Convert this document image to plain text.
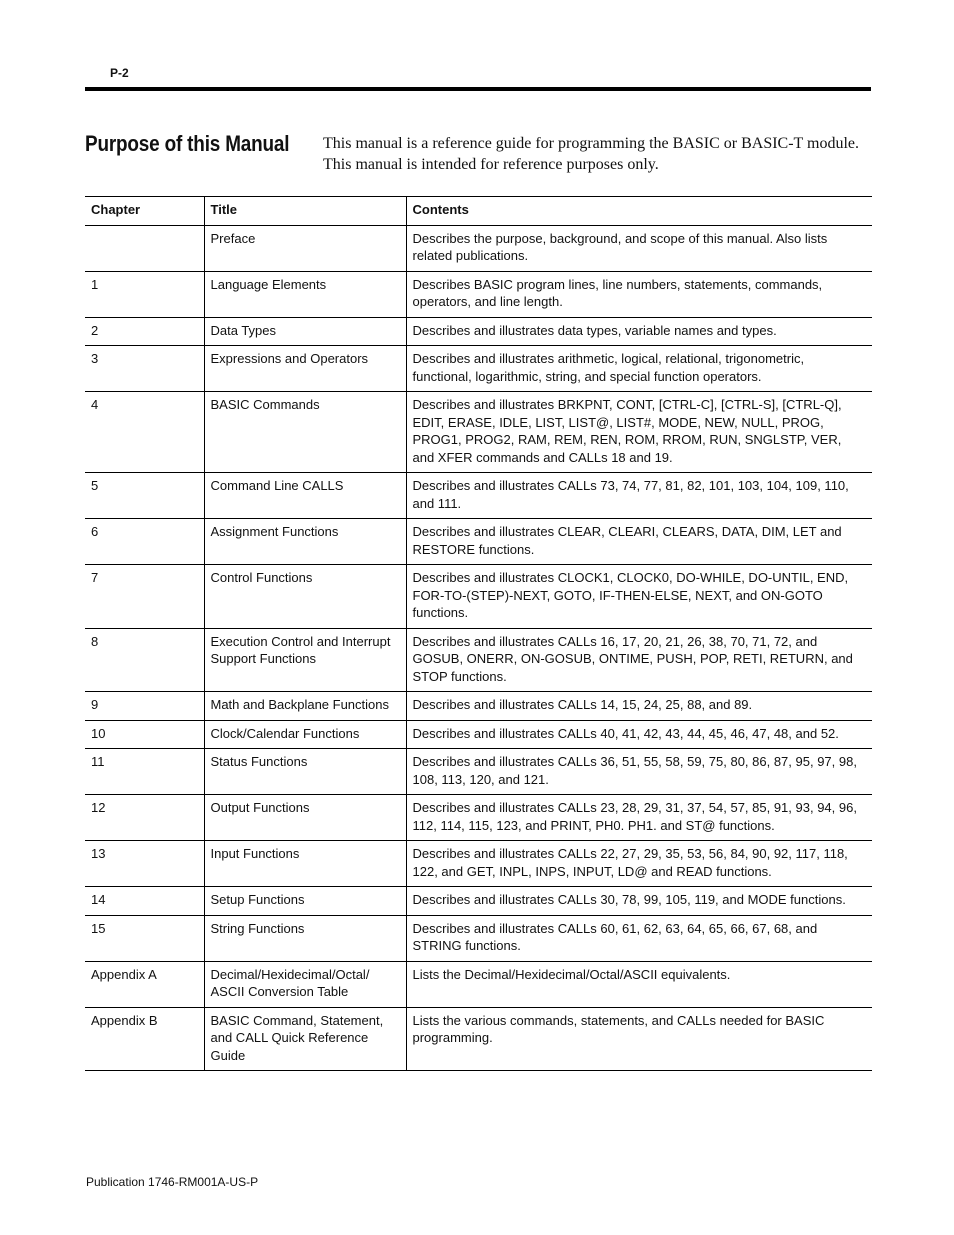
P-2
Purpose of this Manual This manual is a reference guide for programming the BASIC or BASIC-T module. This manual is intended for reference purposes only.

Chapter	Title	Contents
	Preface	Describes the purpose, background, and scope of this manual. Also lists related publications.
1	Language Elements	Describes BASIC program lines, line numbers, statements, commands, operators, and line length.
2	Data Types	Describes and illustrates data types, variable names and types.
3	Expressions and Operators	Describes and illustrates arithmetic, logical, relational, trigonometric, functional, logarithmic, string, and special function operators.
4	BASIC Commands	Describes and illustrates BRKPNT, CONT, [CTRL-C], [CTRL-S], [CTRL-Q], EDIT, ERASE, IDLE, LIST, LIST@, LIST#, MODE, NEW, NULL, PROG, PROG1, PROG2, RAM, REM, REN, ROM, RROM, RUN, SNGLSTP, VER, and XFER commands and CALLs 18 and 19.
5	Command Line CALLS	Describes and illustrates CALLs 73, 74, 77, 81, 82, 101, 103, 104, 109, 110, and 111.
6	Assignment Functions	Describes and illustrates CLEAR, CLEARI, CLEARS, DATA, DIM, LET and RESTORE functions.
7	Control Functions	Describes and illustrates CLOCK1, CLOCK0, DO-WHILE, DO-UNTIL, END, FOR-TO-(STEP)-NEXT, GOTO, IF-THEN-ELSE, NEXT, and ON-GOTO functions.
8	Execution Control and Interrupt Support Functions	Describes and illustrates CALLs 16, 17, 20, 21, 26, 38, 70, 71, 72, and GOSUB, ONERR, ON-GOSUB, ONTIME, PUSH, POP, RETI, RETURN, and STOP functions.
9	Math and Backplane Functions	Describes and illustrates CALLs 14, 15, 24, 25, 88, and 89.
10	Clock/Calendar Functions	Describes and illustrates CALLs 40, 41, 42, 43, 44, 45, 46, 47, 48, and 52.
11	Status Functions	Describes and illustrates CALLs 36, 51, 55, 58, 59, 75, 80, 86, 87, 95, 97, 98, 108, 113, 120, and 121.
12	Output Functions	Describes and illustrates CALLs 23, 28, 29, 31, 37, 54, 57, 85, 91, 93, 94, 96, 112, 114, 115, 123, and PRINT, PH0. PH1. and ST@ functions.
13	Input Functions	Describes and illustrates CALLs 22, 27, 29, 35, 53, 56, 84, 90, 92, 117, 118, 122, and GET, INPL, INPS, INPUT, LD@ and READ functions.
14	Setup Functions	Describes and illustrates CALLs 30, 78, 99, 105, 119, and MODE functions.
15	String Functions	Describes and illustrates CALLs 60, 61, 62, 63, 64, 65, 66, 67, 68, and STRING functions.
Appendix A	Decimal/Hexidecimal/Octal/ ASCII Conversion Table	Lists the Decimal/Hexidecimal/Octal/ASCII equivalents.
Appendix B	BASIC Command, Statement, and CALL Quick Reference Guide	Lists the various commands, statements, and CALLs needed for BASIC programming.
Publication 1746-RM001A-US-P
